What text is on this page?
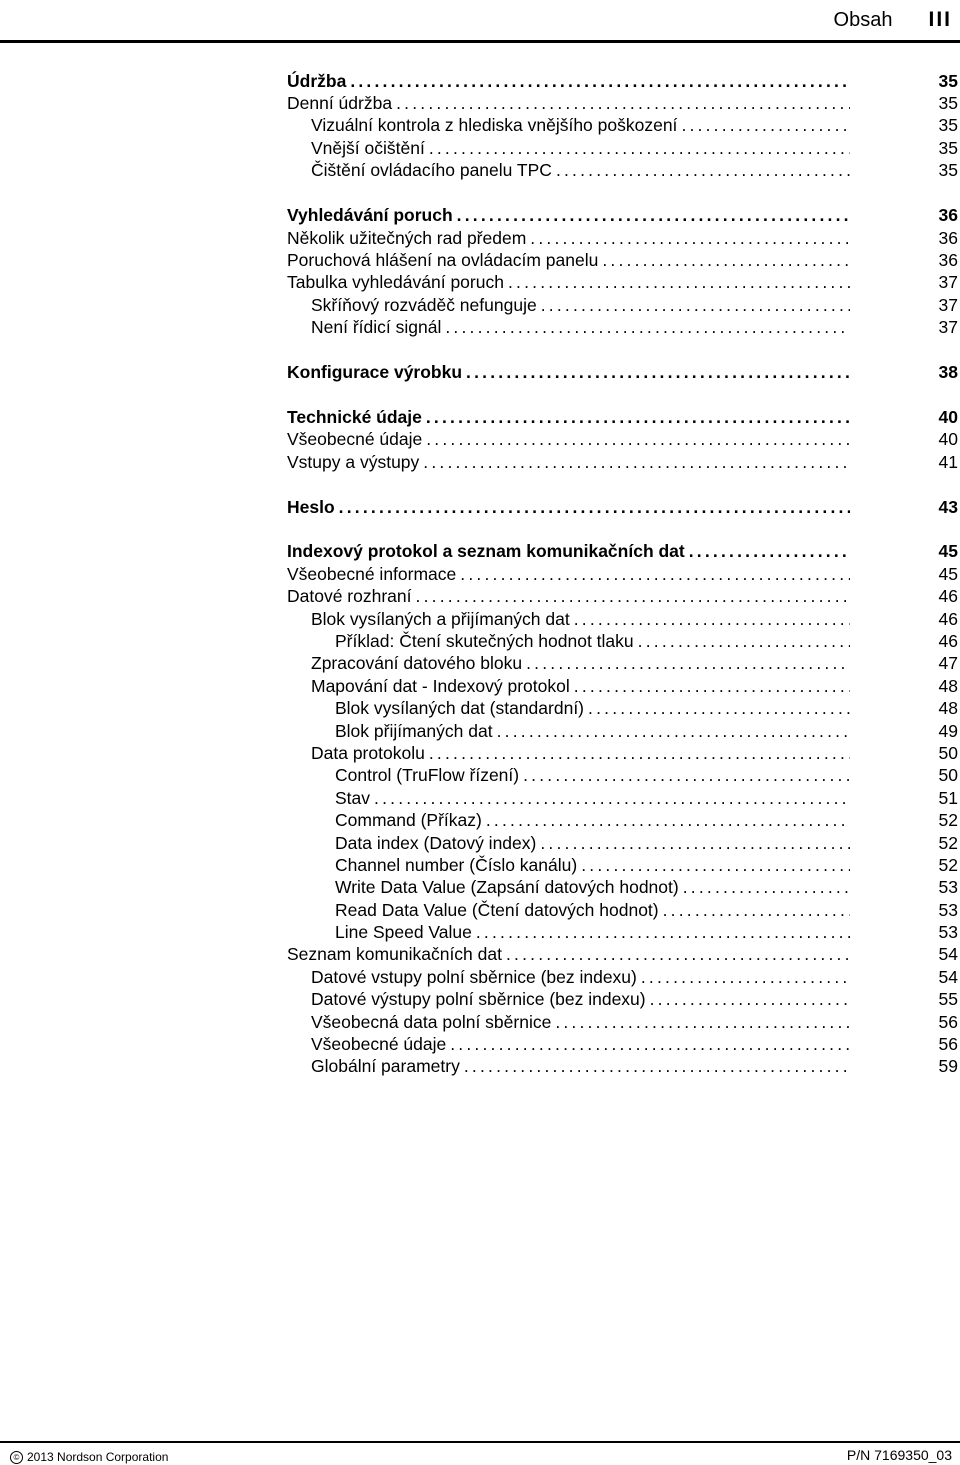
Obsah	III
Údržba .....	35
Denní údržba .....	35
Vizuální kontrola z hlediska vnějšího poškození .....	35
Vnější očištění .....	35
Čištění ovládacího panelu TPC .....	35
Vyhledávání poruch .....	36
Několik užitečných rad předem .....	36
Poruchová hlášení na ovládacím panelu .....	36
Tabulka vyhledávání poruch .....	37
Skříňový rozváděč nefunguje .....	37
Není řídicí signál .....	37
Konfigurace výrobku .....	38
Technické údaje .....	40
Všeobecné údaje .....	40
Vstupy a výstupy .....	41
Heslo .....	43
Indexový protokol a seznam komunikačních dat .....	45
Všeobecné informace .....	45
Datové rozhraní .....	46
Blok vysílaných a přijímaných dat .....	46
Příklad: Čtení skutečných hodnot tlaku .....	46
Zpracování datového bloku .....	47
Mapování dat - Indexový protokol .....	48
Blok vysílaných dat (standardní) .....	48
Blok přijímaných dat .....	49
Data protokolu .....	50
Control (TruFlow řízení) .....	50
Stav .....	51
Command (Příkaz) .....	52
Data index (Datový index) .....	52
Channel number (Číslo kanálu) .....	52
Write Data Value (Zapsání datových hodnot) .....	53
Read Data Value (Čtení datových hodnot) .....	53
Line Speed Value .....	53
Seznam komunikačních dat .....	54
Datové vstupy polní sběrnice (bez indexu) .....	54
Datové výstupy polní sběrnice (bez indexu) .....	55
Všeobecná data polní sběrnice .....	56
Všeobecné údaje .....	56
Globální parametry .....	59
© 2013 Nordson Corporation	P/N 7169350_03
